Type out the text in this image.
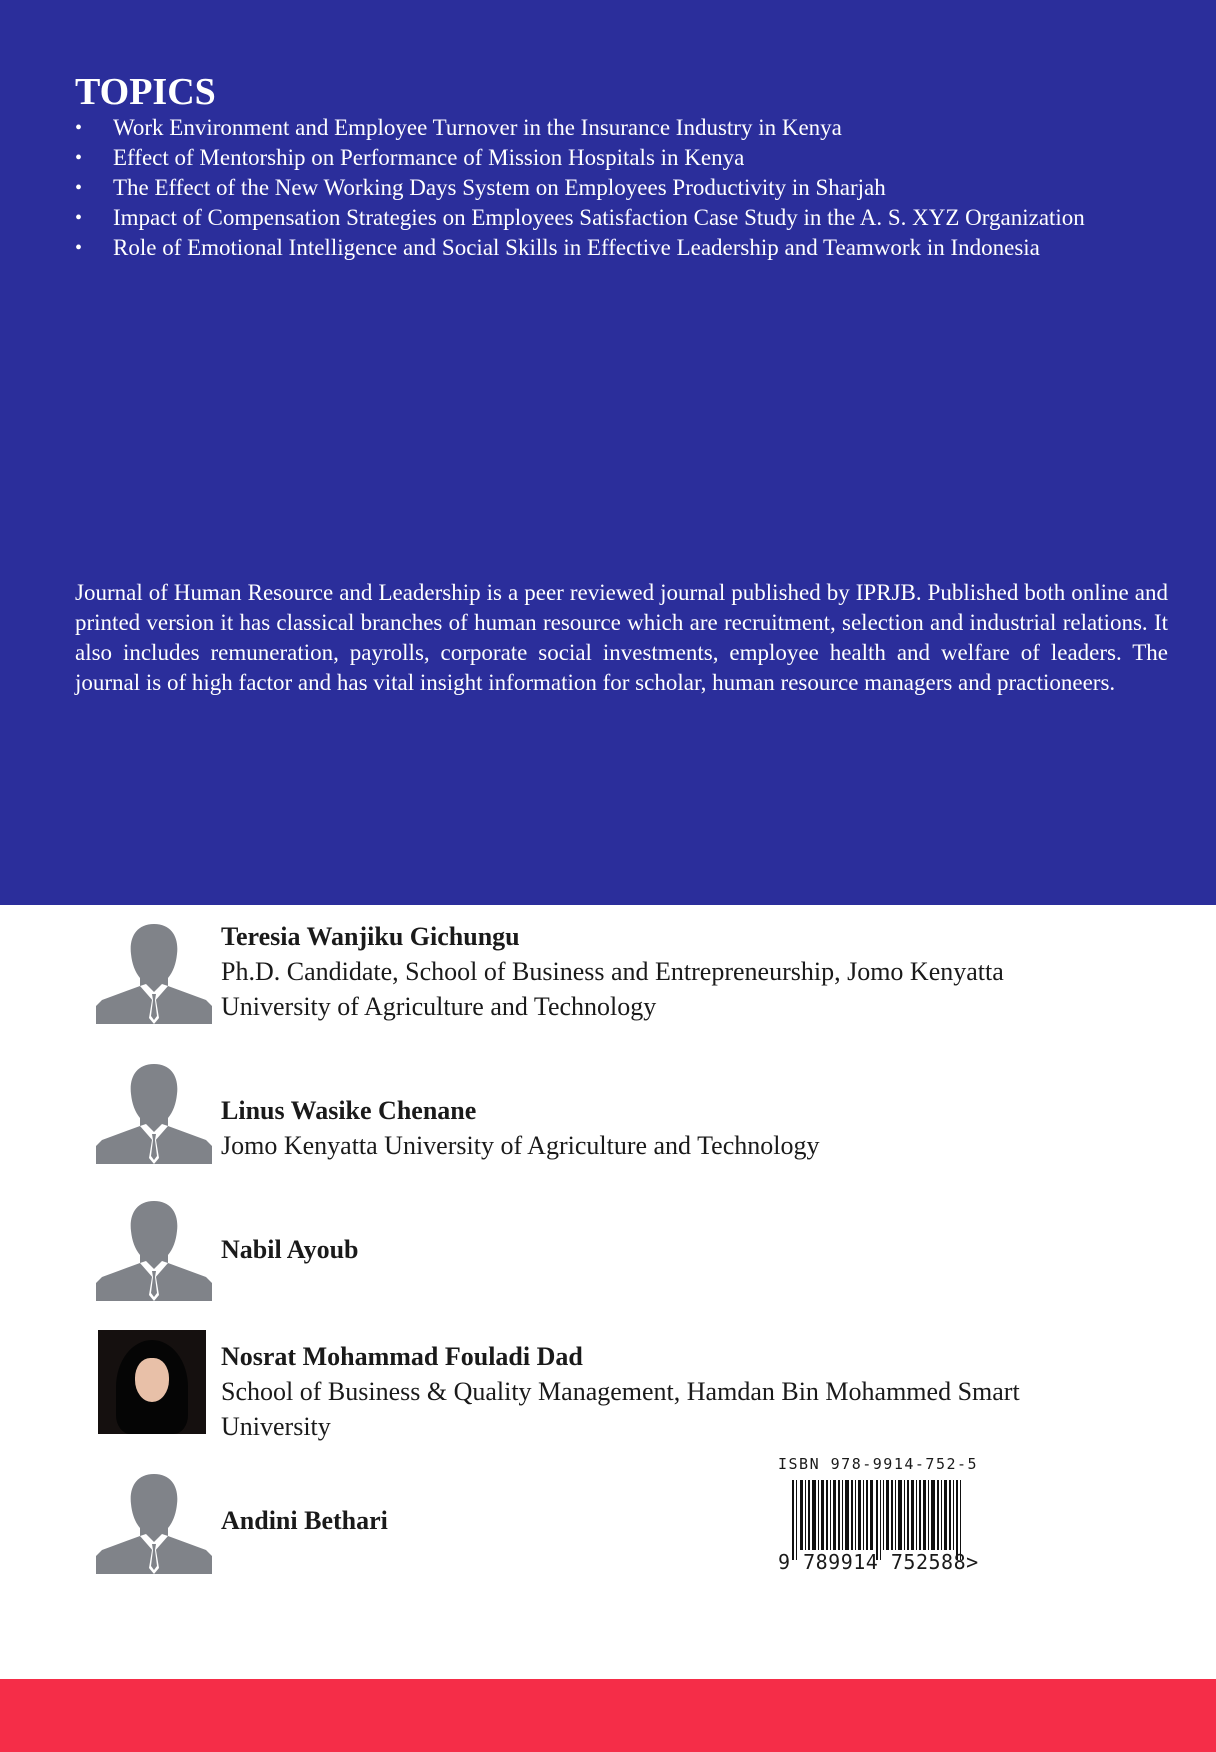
TOPICS
•	Work Environment and Employee Turnover in the Insurance Industry in Kenya
•	Effect of Mentorship on Performance of Mission Hospitals in Kenya
•	The Effect of the New Working Days System on Employees Productivity in Sharjah
•	Impact of Compensation Strategies on Employees Satisfaction Case Study in the A. S. XYZ Organization
•	Role of Emotional Intelligence and Social Skills in Effective Leadership and Teamwork in Indonesia

Journal of Human Resource and Leadership is a peer reviewed journal published by IPRJB. Published both online and printed version it has classical branches of human resource which are recruitment, selection and industrial relations. It also includes remuneration, payrolls, corporate social investments, employee health and welfare of leaders. The journal is of high factor and has vital insight information for scholar, human resource managers and practioneers.

Teresia Wanjiku Gichungu
Ph.D. Candidate, School of Business and Entrepreneurship, Jomo Kenyatta
University of Agriculture and Technology
Linus Wasike Chenane
Jomo Kenyatta University of Agriculture and Technology
Nabil Ayoub
Nosrat Mohammad Fouladi Dad
School of Business & Quality Management, Hamdan Bin Mohammed Smart
University
Andini Bethari
ISBN 978-9914-752-5
9 789914 752588>
